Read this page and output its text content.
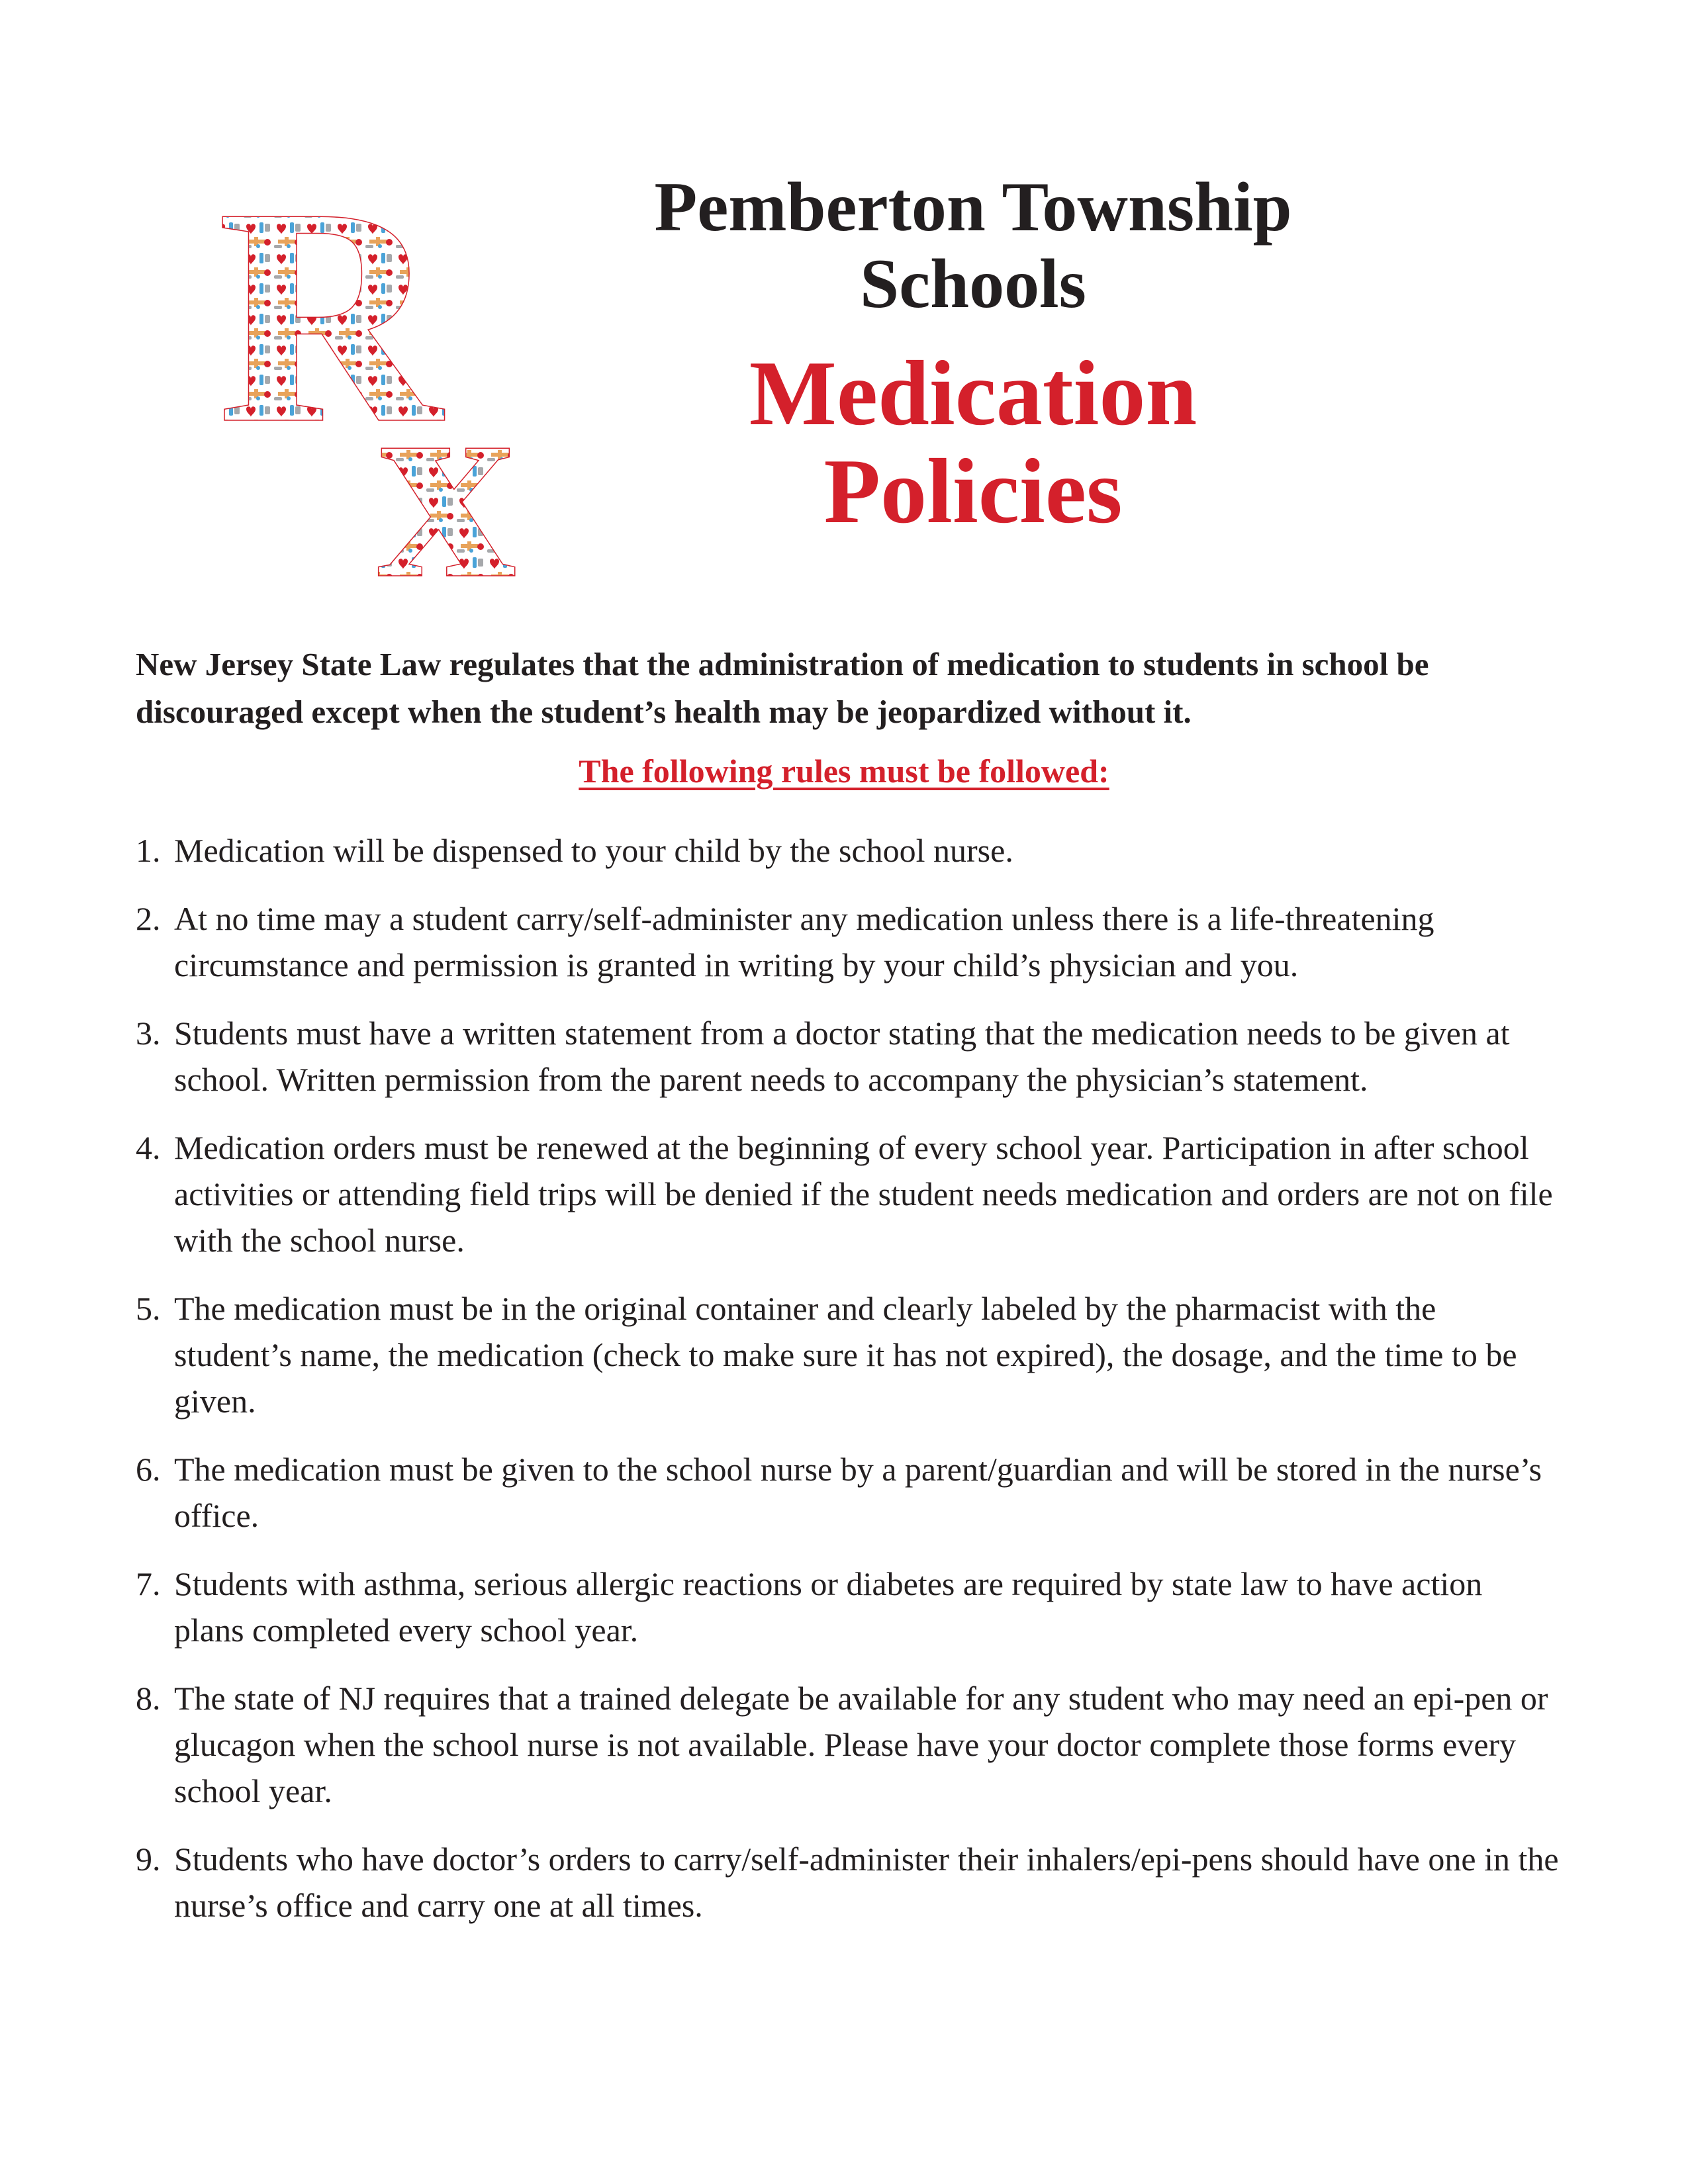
R
x

Pemberton Township

Schools

Medication

Policies

New Jersey State Law regulates that the administration of medication to students in school be discouraged except when the student’s health may be jeopardized without it.

The following rules must be followed:

1. Medication will be dispensed to your child by the school nurse.
2. At no time may a student carry/self-administer any medication unless there is a life-threatening circumstance and permission is granted in writing by your child’s physician and you.
3. Students must have a written statement from a doctor stating that the medication needs to be given at school. Written permission from the parent needs to accompany the physician’s statement.
4. Medication orders must be renewed at the beginning of every school year. Participation in after school activities or attending field trips will be denied if the student needs medication and orders are not on file with the school nurse.
5. The medication must be in the original container and clearly labeled by the pharmacist with the student’s name, the medication (check to make sure it has not expired), the dosage, and the time to be given.
6. The medication must be given to the school nurse by a parent/guardian and will be stored in the nurse’s office.
7. Students with asthma, serious allergic reactions or diabetes are required by state law to have action plans completed every school year.
8. The state of NJ requires that a trained delegate be available for any student who may need an epi-pen or glucagon when the school nurse is not available. Please have your doctor complete those forms every school year.
9. Students who have doctor’s orders to carry/self-administer their inhalers/epi-pens should have one in the nurse’s office and carry one at all times.
